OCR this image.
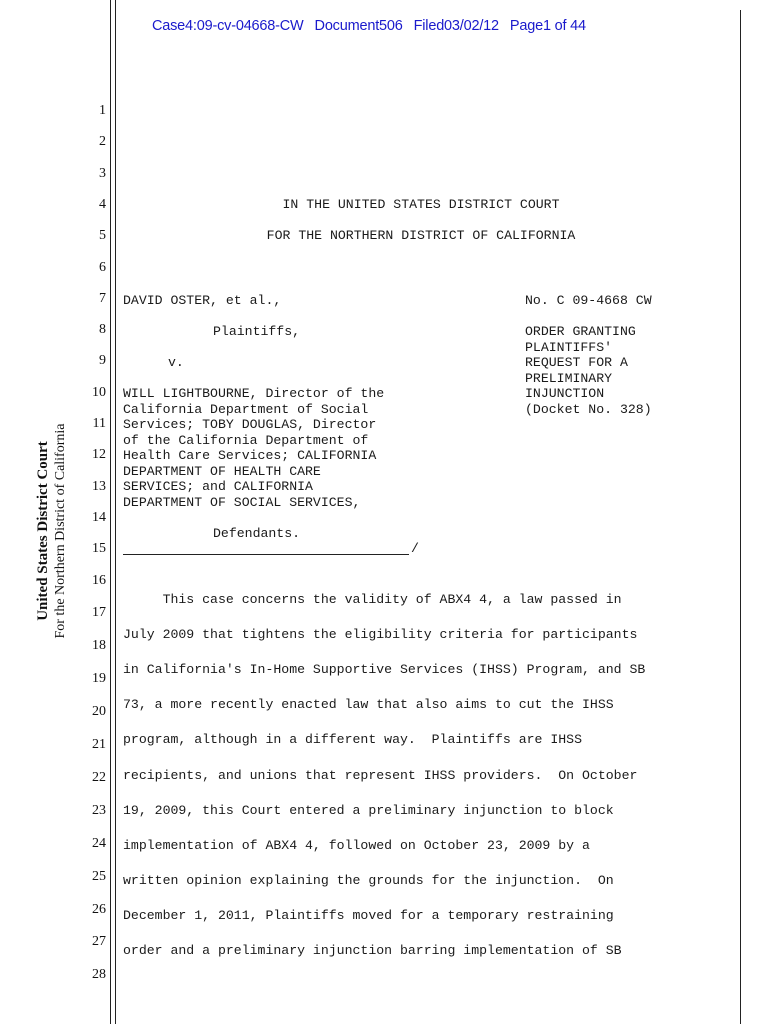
Case4:09-cv-04668-CW Document506 Filed03/02/12 Page1 of 44
1
2
3
4
5
6
7
8
9
10
11
12
13
14
15
16
17
18
19
20
21
22
23
24
25
26
27
28
United States District Court For the Northern District of California
IN THE UNITED STATES DISTRICT COURT
FOR THE NORTHERN DISTRICT OF CALIFORNIA
DAVID OSTER, et al.,
Plaintiffs,
v.
WILL LIGHTBOURNE, Director of the
California Department of Social
Services; TOBY DOUGLAS, Director
of the California Department of
Health Care Services; CALIFORNIA
DEPARTMENT OF HEALTH CARE
SERVICES; and CALIFORNIA
DEPARTMENT OF SOCIAL SERVICES,
Defendants.
/
No. C 09-4668 CW
ORDER GRANTING
PLAINTIFFS'
REQUEST FOR A
PRELIMINARY
INJUNCTION
(Docket No. 328)
This case concerns the validity of ABX4 4, a law passed in
July 2009 that tightens the eligibility criteria for participants
in California's In-Home Supportive Services (IHSS) Program, and SB
73, a more recently enacted law that also aims to cut the IHSS
program, although in a different way.  Plaintiffs are IHSS
recipients, and unions that represent IHSS providers.  On October
19, 2009, this Court entered a preliminary injunction to block
implementation of ABX4 4, followed on October 23, 2009 by a
written opinion explaining the grounds for the injunction.  On
December 1, 2011, Plaintiffs moved for a temporary restraining
order and a preliminary injunction barring implementation of SB
